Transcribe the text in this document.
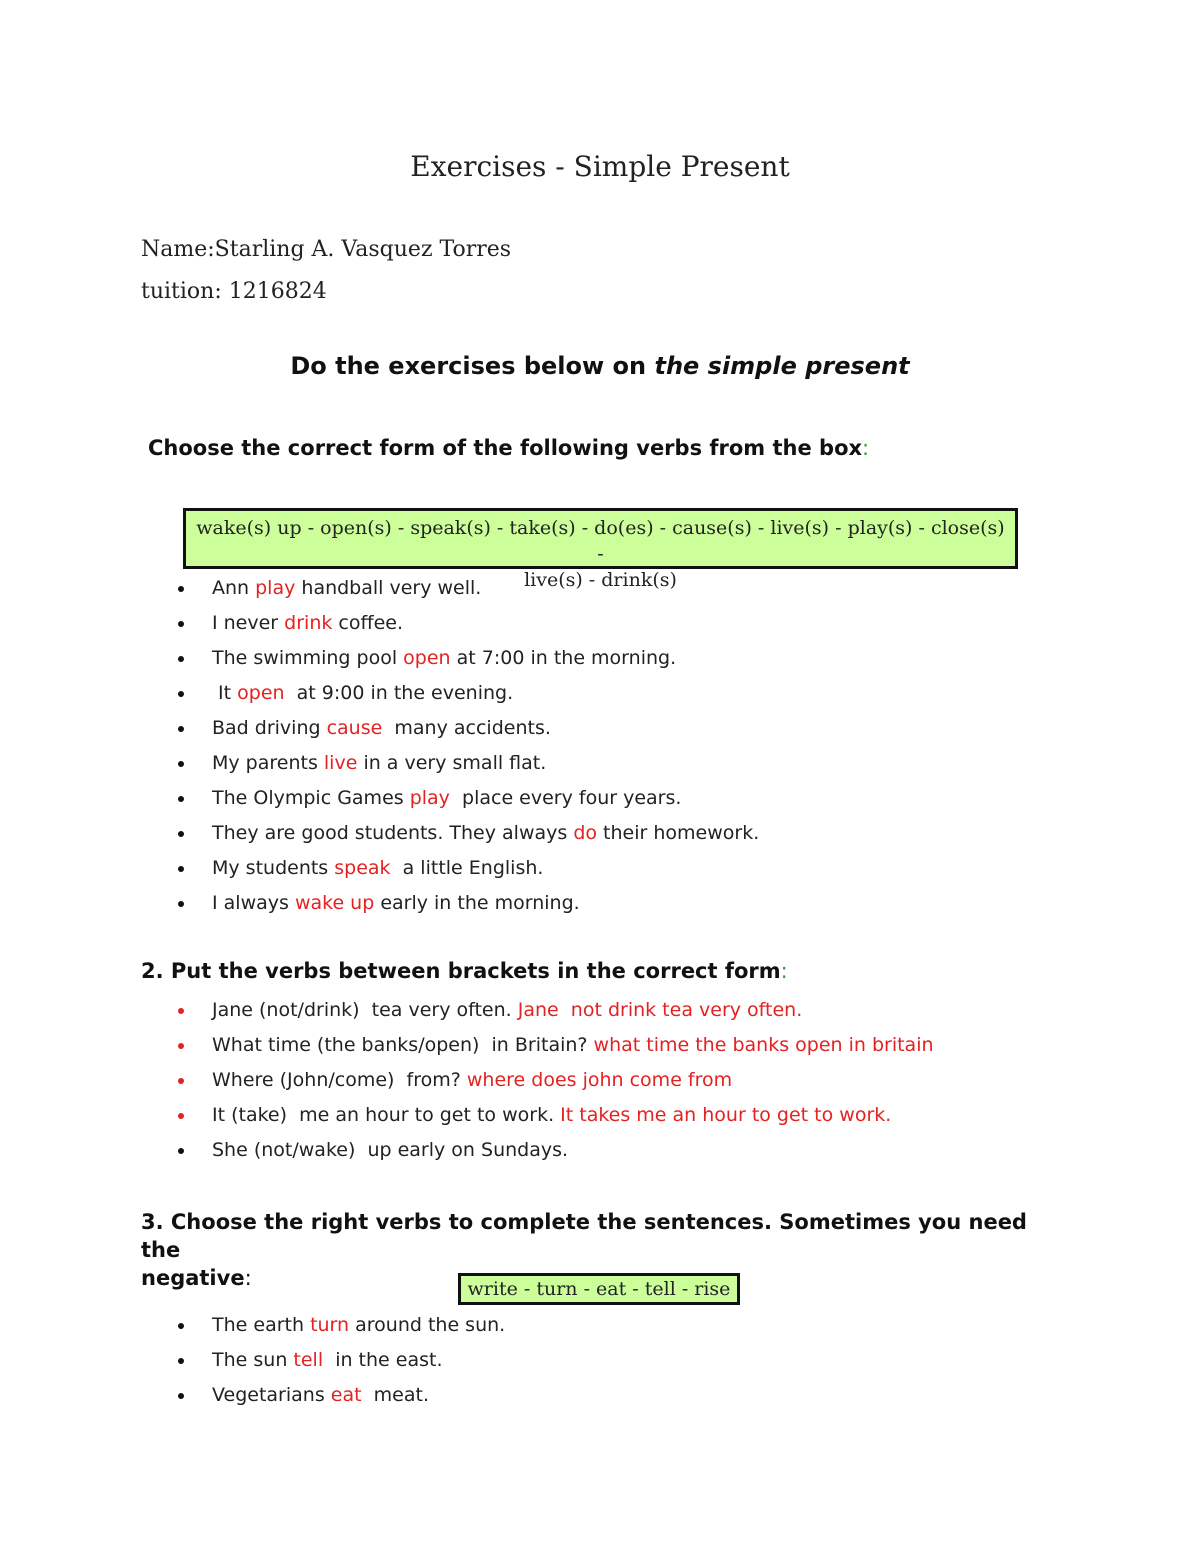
Exercises - Simple Present
Name:Starling A. Vasquez Torres
tuition: 1216824
Do the exercises below on the simple present
Choose the correct form of the following verbs from the box:
wake(s) up - open(s) - speak(s) - take(s) - do(es) - cause(s) - live(s) - play(s) - close(s) -
live(s) - drink(s)
Ann play handball very well.
I never drink coffee.
The swimming pool open at 7:00 in the morning.
It open  at 9:00 in the evening.
Bad driving cause  many accidents.
My parents live in a very small flat.
The Olympic Games play  place every four years.
They are good students. They always do their homework.
My students speak  a little English.
I always wake up early in the morning.
2. Put the verbs between brackets in the correct form:
Jane (not/drink)  tea very often. Jane  not drink tea very often.
What time (the banks/open)  in Britain? what time the banks open in britain
Where (John/come)  from? where does john come from
It (take)  me an hour to get to work. It takes me an hour to get to work.
She (not/wake)  up early on Sundays.
3. Choose the right verbs to complete the sentences. Sometimes you need the
negative:	write - turn - eat - tell - rise
The earth turn around the sun.
The sun tell  in the east.
Vegetarians eat  meat.
